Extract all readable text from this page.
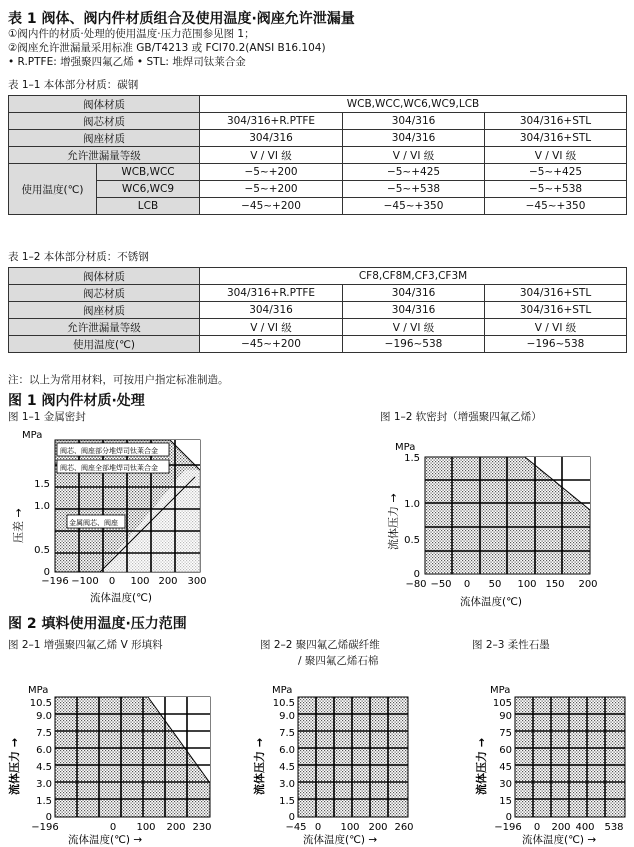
表 1 阀体、阀内件材质组合及使用温度·阀座允许泄漏量
①阀内件的材质·处理的使用温度·压力范围参见图 1；
②阀座允许泄漏量采用标准 GB/T4213 或 FCI70.2(ANSI B16.104)
• R.PTFE: 增强聚四氟乙烯 • STL: 堆焊司钛莱合金
表 1–1 本体部分材质：碳钢
阀体材质		WCB,WCC,WC6,WC9,LCB		
阀芯材质		304/316+R.PTFE	304/316	304/316+STL
阀座材质		304/316	304/316	304/316+STL
允许泄漏量等级		V / VI 级	V / VI 级	V / VI 级
使用温度(℃)	WCB,WCC	−5~+200	−5~+425	−5~+425
	WC6,WC9	−5~+200	−5~+538	−5~+538
	LCB	−45~+200	−45~+350	−45~+350
表 1–2 本体部分材质：不锈钢
阀体材质	CF8,CF8M,CF3,CF3M		
阀芯材质	304/316+R.PTFE	304/316	304/316+STL
阀座材质	304/316	304/316	304/316+STL
允许泄漏量等级	V / VI 级	V / VI 级	V / VI 级
使用温度(℃)	−45~+200	−196~538	−196~538
注：以上为常用材料，可按用户指定标准制造。
图 1 阀内件材质·处理
图 1–1 金属密封	图 1–2 软密封（增强聚四氟乙烯）
MPa
阀芯、阀座部分堆焊司钛莱合金
阀芯、阀座全部堆焊司钛莱合金
金属阀芯、阀座
1.5
1.0
0.5
0
压差 →
−196 −100 0 100 200 300
流体温度(℃)
MPa
1.5
1.0
0.5
0
流体压力 →
−80 −50 0 50 100 150 200
流体温度(℃)
图 2 填料使用温度·压力范围
图 2–1 增强聚四氟乙烯 V 形填料	图 2–2 聚四氟乙烯碳纤维
/ 聚四氟乙烯石棉
图 2–3 柔性石墨
MPa
10.5
9.0
7.5
6.0
4.5
3.0
1.5
0
流体压力 →
−196	0 100 200 230
流体温度(℃) →
MPa
10.5
9.0
7.5
6.0
4.5
3.0
1.5
0
流体压力 →
−45 0 100 200 260
流体温度(℃) →
MPa
105
90
75
60
45
30
15
0
流体压力 →
−196 0 200 400 538
流体温度(℃) →
